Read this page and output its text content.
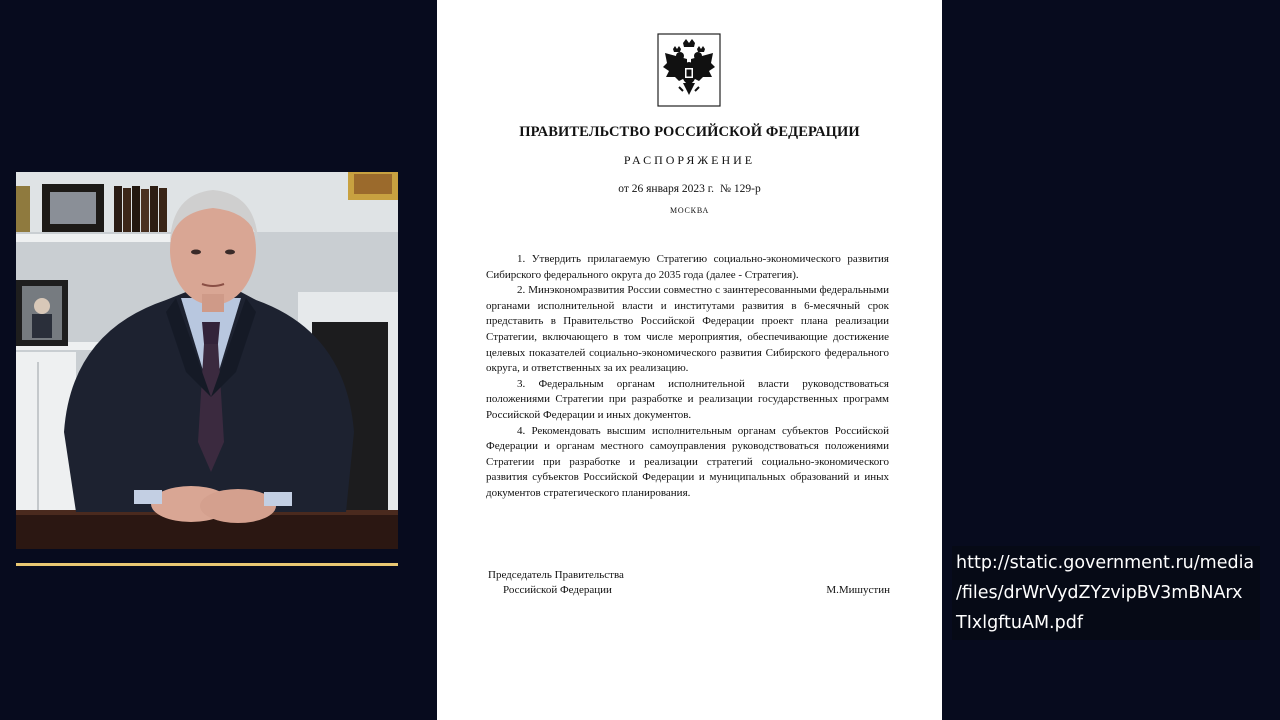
ПРАВИТЕЛЬСТВО РОССИЙСКОЙ ФЕДЕРАЦИИ
РАСПОРЯЖЕНИЕ
от 26 января 2023 г. № 129-р
МОСКВА

1. Утвердить прилагаемую Стратегию социально-экономического развития Сибирского федерального округа до 2035 года (далее - Стратегия).

2. Минэкономразвития России совместно с заинтересованными федеральными органами исполнительной власти и институтами развития в 6-месячный срок представить в Правительство Российской Федерации проект плана реализации Стратегии, включающего в том числе мероприятия, обеспечивающие достижение целевых показателей социально-экономического развития Сибирского федерального округа, и ответственных за их реализацию.

3. Федеральным органам исполнительной власти руководствоваться положениями Стратегии при разработке и реализации государственных программ Российской Федерации и иных документов.

4. Рекомендовать высшим исполнительным органам субъектов Российской Федерации и органам местного самоуправления руководствоваться положениями Стратегии при разработке и реализации стратегий социально-экономического развития субъектов Российской Федерации и муниципальных образований и иных документов стратегического планирования.

Председатель Правительства
Российской Федерации	М.Мишустин
http://static.government.ru/media
/files/drWrVydZYzvipBV3mBNArx
TIxlgftuAM.pdf
